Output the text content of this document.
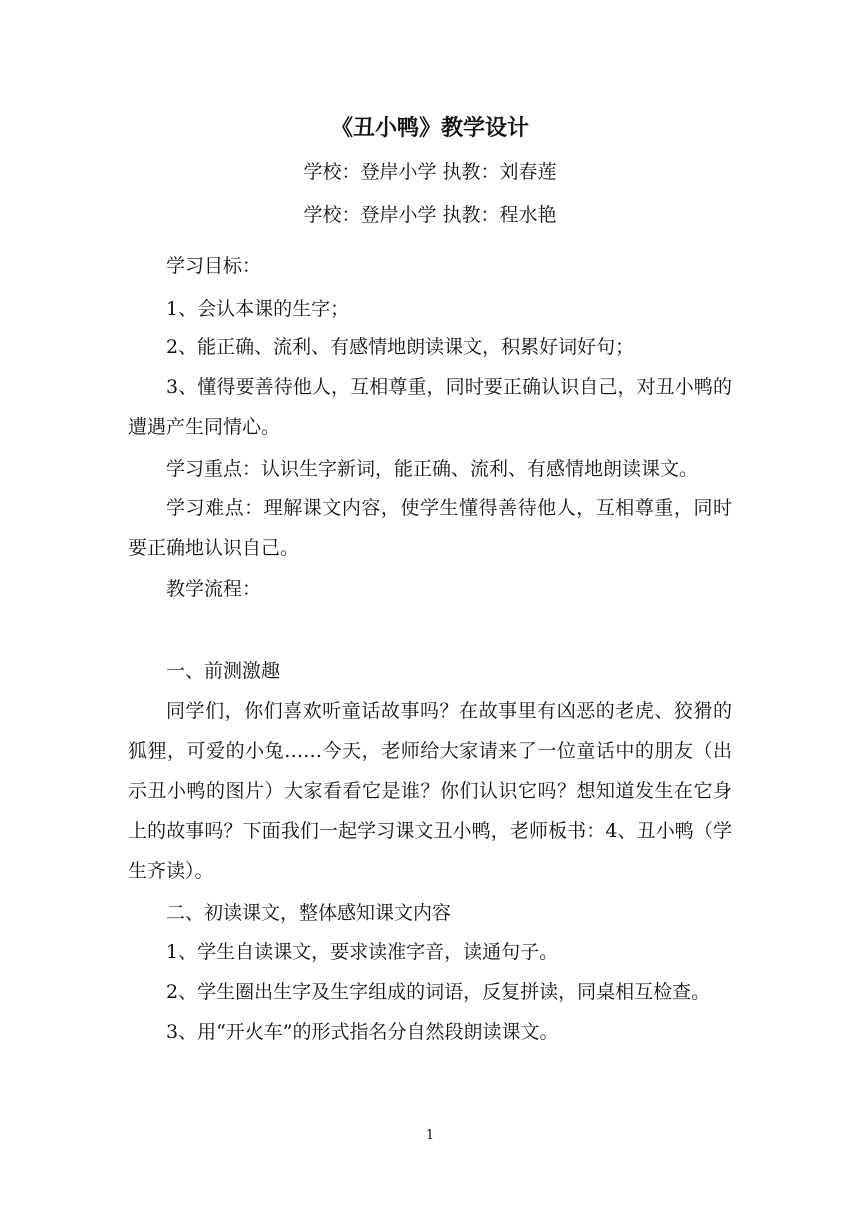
《丑小鸭》教学设计
学校：登岸小学 执教：刘春莲
学校：登岸小学 执教：程水艳

学习目标：

1、会认本课的生字；

2、能正确、流利、有感情地朗读课文，积累好词好句；

3、懂得要善待他人，互相尊重，同时要正确认识自己，对丑小鸭的遭遇产生同情心。

学习重点：认识生字新词，能正确、流利、有感情地朗读课文。

学习难点：理解课文内容，使学生懂得善待他人，互相尊重，同时要正确地认识自己。

教学流程：

一、前测激趣

同学们，你们喜欢听童话故事吗？在故事里有凶恶的老虎、狡猾的狐狸，可爱的小兔……今天，老师给大家请来了一位童话中的朋友（出示丑小鸭的图片）大家看看它是谁？你们认识它吗？想知道发生在它身上的故事吗？下面我们一起学习课文丑小鸭，老师板书：4、丑小鸭（学生齐读）。

二、初读课文，整体感知课文内容

1、学生自读课文，要求读准字音，读通句子。

2、学生圈出生字及生字组成的词语，反复拼读，同桌相互检查。

3、用“开火车”的形式指名分自然段朗读课文。

1
